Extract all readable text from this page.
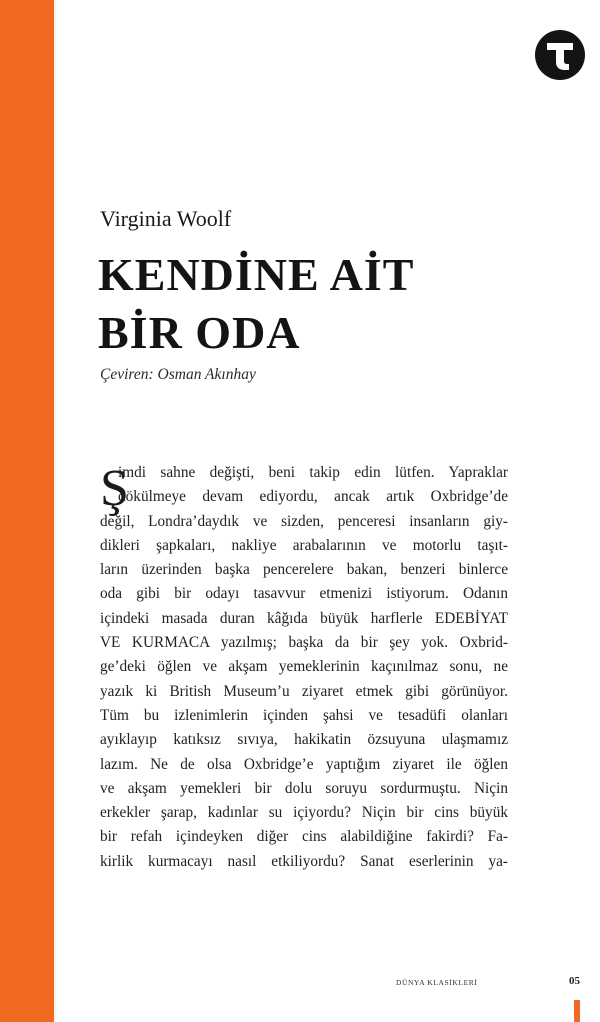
Virginia Woolf
KENDİNE AİT
BİR ODA
Çeviren: Osman Akınhay
Ş
imdi sahne değişti, beni takip edin lütfen. Yapraklar
dökülmeye devam ediyordu, ancak artık Oxbridge’de
değil, Londra’daydık ve sizden, penceresi insanların giy-
dikleri şapkaları, nakliye arabalarının ve motorlu taşıt-
ların üzerinden başka pencerelere bakan, benzeri binlerce
oda gibi bir odayı tasavvur etmenizi istiyorum. Odanın
içindeki masada duran kâğıda büyük harflerle EDEBİYAT
VE KURMACA yazılmış; başka da bir şey yok. Oxbrid-
ge’deki öğlen ve akşam yemeklerinin kaçınılmaz sonu, ne
yazık ki British Museum’u ziyaret etmek gibi görünüyor.
Tüm bu izlenimlerin içinden şahsi ve tesadüfi olanları
ayıklayıp katıksız sıvıya, hakikatin özsuyuna ulaşmamız
lazım. Ne de olsa Oxbridge’e yaptığım ziyaret ile öğlen
ve akşam yemekleri bir dolu soruyu sordurmuştu. Niçin
erkekler şarap, kadınlar su içiyordu? Niçin bir cins büyük
bir refah içindeyken diğer cins alabildiğine fakirdi? Fa-
kirlik kurmacayı nasıl etkiliyordu? Sanat eserlerinin ya-
DÜNYA KLASİKLERİ	05
